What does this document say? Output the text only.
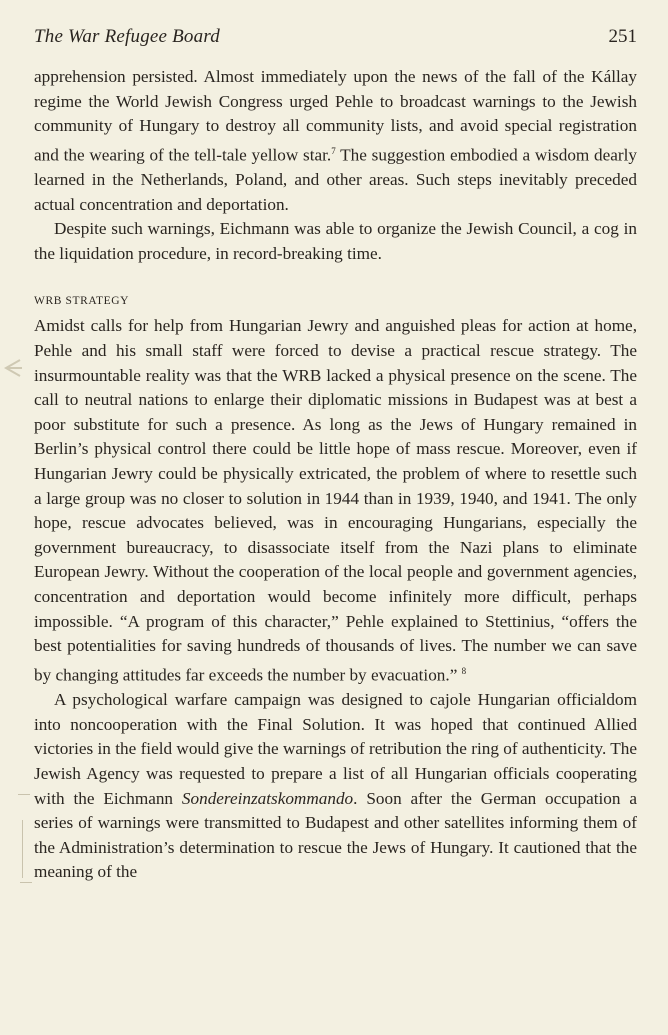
The War Refugee Board	251

apprehension persisted. Almost immediately upon the news of the fall of the Kállay regime the World Jewish Congress urged Pehle to broadcast warnings to the Jewish community of Hungary to destroy all community lists, and avoid special registration and the wearing of the tell-tale yellow star.$^7$ The suggestion embodied a wisdom dearly learned in the Netherlands, Poland, and other areas. Such steps inevitably preceded actual concentration and deportation.

Despite such warnings, Eichmann was able to organize the Jewish Council, a cog in the liquidation procedure, in record-breaking time.

WRB STRATEGY

Amidst calls for help from Hungarian Jewry and anguished pleas for action at home, Pehle and his small staff were forced to devise a practical rescue strategy. The insurmountable reality was that the WRB lacked a physical presence on the scene. The call to neutral nations to enlarge their diplomatic missions in Budapest was at best a poor substitute for such a presence. As long as the Jews of Hungary remained in Berlin’s physical control there could be little hope of mass rescue. Moreover, even if Hungarian Jewry could be physically extricated, the problem of where to resettle such a large group was no closer to solution in 1944 than in 1939, 1940, and 1941. The only hope, rescue advocates believed, was in encouraging Hungarians, especially the government bureaucracy, to disassociate itself from the Nazi plans to eliminate European Jewry. Without the cooperation of the local people and government agencies, concentration and deportation would become infinitely more difficult, perhaps impossible. “A program of this character,” Pehle explained to Stettinius, “offers the best potentialities for saving hundreds of thousands of lives. The number we can save by changing attitudes far exceeds the number by evacuation.” $^8$

A psychological warfare campaign was designed to cajole Hungarian officialdom into noncooperation with the Final Solution. It was hoped that continued Allied victories in the field would give the warnings of retribution the ring of authenticity. The Jewish Agency was requested to prepare a list of all Hungarian officials cooperating with the Eichmann Sondereinzatskommando. Soon after the German occupation a series of warnings were transmitted to Budapest and other satellites informing them of the Administration’s determination to rescue the Jews of Hungary. It cautioned that the meaning of the
